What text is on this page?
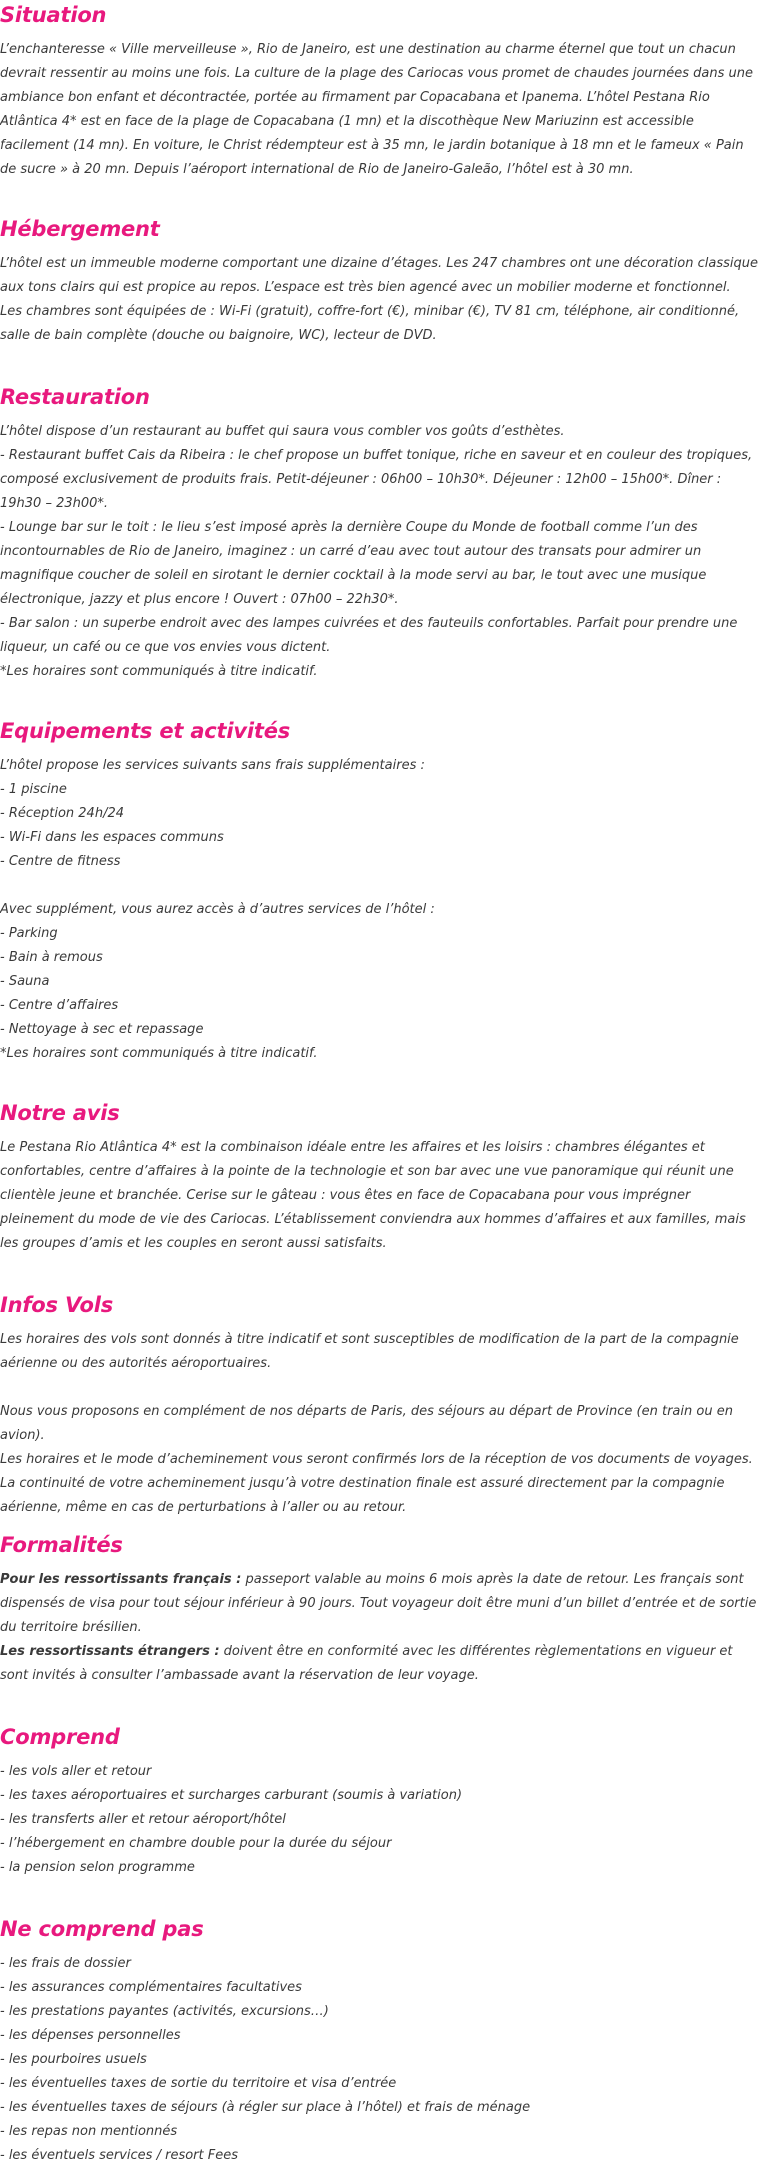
Situation

L’enchanteresse « Ville merveilleuse », Rio de Janeiro, est une destination au charme éternel que tout un chacun devrait ressentir au moins une fois. La culture de la plage des Cariocas vous promet de chaudes journées dans une ambiance bon enfant et décontractée, portée au firmament par Copacabana et Ipanema. L’hôtel Pestana Rio Atlântica 4* est en face de la plage de Copacabana (1 mn) et la discothèque New Mariuzinn est accessible facilement (14 mn). En voiture, le Christ rédempteur est à 35 mn, le jardin botanique à 18 mn et le fameux « Pain de sucre » à 20 mn. Depuis l’aéroport international de Rio de Janeiro-Galeão, l’hôtel est à 30 mn.

Hébergement

L’hôtel est un immeuble moderne comportant une dizaine d’étages. Les 247 chambres ont une décoration classique aux tons clairs qui est propice au repos. L’espace est très bien agencé avec un mobilier moderne et fonctionnel.

Les chambres sont équipées de : Wi-Fi (gratuit), coffre-fort (€), minibar (€), TV 81 cm, téléphone, air conditionné, salle de bain complète (douche ou baignoire, WC), lecteur de DVD.

Restauration

L’hôtel dispose d’un restaurant au buffet qui saura vous combler vos goûts d’esthètes.

- Restaurant buffet Cais da Ribeira : le chef propose un buffet tonique, riche en saveur et en couleur des tropiques, composé exclusivement de produits frais. Petit-déjeuner : 06h00 – 10h30*. Déjeuner : 12h00 – 15h00*. Dîner : 19h30 – 23h00*.

- Lounge bar sur le toit : le lieu s’est imposé après la dernière Coupe du Monde de football comme l’un des incontournables de Rio de Janeiro, imaginez : un carré d’eau avec tout autour des transats pour admirer un magnifique coucher de soleil en sirotant le dernier cocktail à la mode servi au bar, le tout avec une musique électronique, jazzy et plus encore ! Ouvert : 07h00 – 22h30*.

- Bar salon : un superbe endroit avec des lampes cuivrées et des fauteuils confortables. Parfait pour prendre une liqueur, un café ou ce que vos envies vous dictent.

*Les horaires sont communiqués à titre indicatif.

Equipements et activités

L’hôtel propose les services suivants sans frais supplémentaires :

- 1 piscine
- Réception 24h/24
- Wi-Fi dans les espaces communs
- Centre de fitness

Avec supplément, vous aurez accès à d’autres services de l’hôtel :

- Parking
- Bain à remous
- Sauna
- Centre d’affaires
- Nettoyage à sec et repassage

*Les horaires sont communiqués à titre indicatif.

Notre avis

Le Pestana Rio Atlântica 4* est la combinaison idéale entre les affaires et les loisirs : chambres élégantes et confortables, centre d’affaires à la pointe de la technologie et son bar avec une vue panoramique qui réunit une clientèle jeune et branchée. Cerise sur le gâteau : vous êtes en face de Copacabana pour vous imprégner pleinement du mode de vie des Cariocas. L’établissement conviendra aux hommes d’affaires et aux familles, mais les groupes d’amis et les couples en seront aussi satisfaits.

Infos Vols

Les horaires des vols sont donnés à titre indicatif et sont susceptibles de modification de la part de la compagnie aérienne ou des autorités aéroportuaires.

Nous vous proposons en complément de nos départs de Paris, des séjours au départ de Province (en train ou en avion).

Les horaires et le mode d’acheminement vous seront confirmés lors de la réception de vos documents de voyages.

La continuité de votre acheminement jusqu’à votre destination finale est assuré directement par la compagnie aérienne, même en cas de perturbations à l’aller ou au retour.

Formalités

Pour les ressortissants français : passeport valable au moins 6 mois après la date de retour. Les français sont dispensés de visa pour tout séjour inférieur à 90 jours. Tout voyageur doit être muni d’un billet d’entrée et de sortie du territoire brésilien.

Les ressortissants étrangers : doivent être en conformité avec les différentes règlementations en vigueur et sont invités à consulter l’ambassade avant la réservation de leur voyage.

Comprend
- les vols aller et retour
- les taxes aéroportuaires et surcharges carburant (soumis à variation)
- les transferts aller et retour aéroport/hôtel
- l’hébergement en chambre double pour la durée du séjour
- la pension selon programme
Ne comprend pas
- les frais de dossier
- les assurances complémentaires facultatives
- les prestations payantes (activités, excursions…)
- les dépenses personnelles
- les pourboires usuels
- les éventuelles taxes de sortie du territoire et visa d’entrée
- les éventuelles taxes de séjours (à régler sur place à l’hôtel) et frais de ménage
- les repas non mentionnés
- les éventuels services / resort Fees
